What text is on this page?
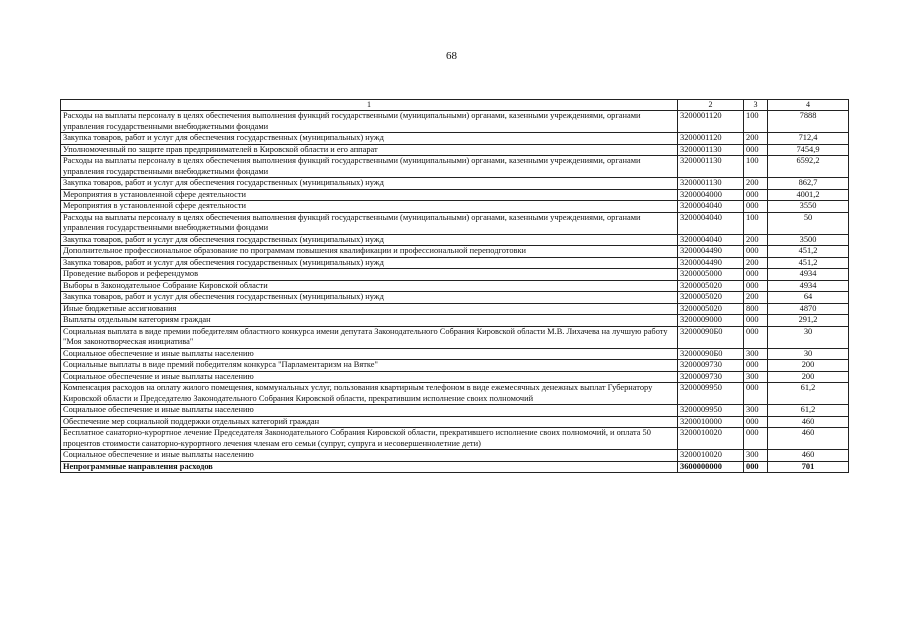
68
1	2	3	4
Расходы на выплаты персоналу в целях обеспечения выполнения функций государственными (муниципальными) органами, казенными учреждениями, органами управления государственными внебюджетными фондами	3200001120	100	7888
Закупка товаров, работ и услуг для обеспечения государственных (муниципальных) нужд	3200001120	200	712,4
Уполномоченный по защите прав предпринимателей в Кировской области и его аппарат	3200001130	000	7454,9
Расходы на выплаты персоналу в целях обеспечения выполнения функций государственными (муниципальными) органами, казенными учреждениями, органами управления государственными внебюджетными фондами	3200001130	100	6592,2
Закупка товаров, работ и услуг для обеспечения государственных (муниципальных) нужд	3200001130	200	862,7
Мероприятия в установленной сфере деятельности	3200004000	000	4001,2
Мероприятия в установленной сфере деятельности	3200004040	000	3550
Расходы на выплаты персоналу в целях обеспечения выполнения функций государственными (муниципальными) органами, казенными учреждениями, органами управления государственными внебюджетными фондами	3200004040	100	50
Закупка товаров, работ и услуг для обеспечения государственных (муниципальных) нужд	3200004040	200	3500
Дополнительное профессиональное образование по программам повышения квалификации и профессиональной переподготовки	3200004490	000	451,2
Закупка товаров, работ и услуг для обеспечения государственных (муниципальных) нужд	3200004490	200	451,2
Проведение выборов и референдумов	3200005000	000	4934
Выборы в Законодательное Собрание Кировской области	3200005020	000	4934
Закупка товаров, работ и услуг для обеспечения государственных (муниципальных) нужд	3200005020	200	64
Иные бюджетные ассигнования	3200005020	800	4870
Выплаты отдельным категориям граждан	3200009000	000	291,2
Социальная выплата в виде премии победителям областного конкурса имени депутата Законодательного Собрания Кировской области М.В. Лихачева на лучшую работу "Моя законотворческая инициатива"	32000090Б0	000	30
Социальное обеспечение и иные выплаты населению	32000090Б0	300	30
Социальные выплаты в виде премий победителям конкурса "Парламентаризм на Вятке"	3200009730	000	200
Социальное обеспечение и иные выплаты населению	3200009730	300	200
Компенсация расходов на оплату жилого помещения, коммунальных услуг, пользования квартирным телефоном в виде ежемесячных денежных выплат Губернатору Кировской области и Председателю Законодательного Собрания Кировской области, прекратившим исполнение своих полномочий	3200009950	000	61,2
Социальное обеспечение и иные выплаты населению	3200009950	300	61,2
Обеспечение мер социальной поддержки отдельных категорий граждан	3200010000	000	460
Бесплатное санаторно-курортное лечение Председателя Законодательного Собрания Кировской области, прекратившего исполнение своих полномочий, и оплата 50 процентов стоимости санаторно-курортного лечения членам его семьи (супруг, супруга и несовершеннолетние дети)	3200010020	000	460
Социальное обеспечение и иные выплаты населению	3200010020	300	460
Непрограммные направления расходов	3600000000	000	701
